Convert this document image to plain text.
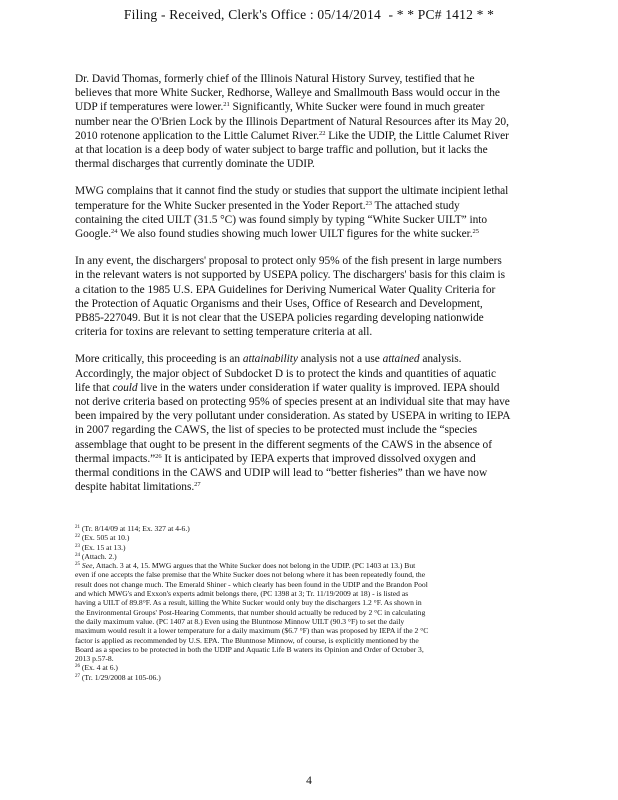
Filing - Received, Clerk's Office : 05/14/2014 - * * PC# 1412 * *

Dr. David Thomas, formerly chief of the Illinois Natural History Survey, testified that he
believes that more White Sucker, Redhorse, Walleye and Smallmouth Bass would occur in the
UDP if temperatures were lower.$^{21}$ Significantly, White Sucker were found in much greater
number near the O'Brien Lock by the Illinois Department of Natural Resources after its May 20,
2010 rotenone application to the Little Calumet River.$^{22}$ Like the UDIP, the Little Calumet River
at that location is a deep body of water subject to barge traffic and pollution, but it lacks the
thermal discharges that currently dominate the UDIP.

MWG complains that it cannot find the study or studies that support the ultimate incipient lethal
temperature for the White Sucker presented in the Yoder Report.$^{23}$ The attached study
containing the cited UILT (31.5 °C) was found simply by typing “White Sucker UILT” into
Google.$^{24}$ We also found studies showing much lower UILT figures for the white sucker.$^{25}$

In any event, the dischargers' proposal to protect only 95% of the fish present in large numbers
in the relevant waters is not supported by USEPA policy. The dischargers' basis for this claim is
a citation to the 1985 U.S. EPA Guidelines for Deriving Numerical Water Quality Criteria for
the Protection of Aquatic Organisms and their Uses, Office of Research and Development,
PB85-227049. But it is not clear that the USEPA policies regarding developing nationwide
criteria for toxins are relevant to setting temperature criteria at all.

More critically, this proceeding is an attainability analysis not a use attained analysis.
Accordingly, the major object of Subdocket D is to protect the kinds and quantities of aquatic
life that could live in the waters under consideration if water quality is improved. IEPA should
not derive criteria based on protecting 95% of species present at an individual site that may have
been impaired by the very pollutant under consideration. As stated by USEPA in writing to IEPA
in 2007 regarding the CAWS, the list of species to be protected must include the “species
assemblage that ought to be present in the different segments of the CAWS in the absence of
thermal impacts.”$^{26}$ It is anticipated by IEPA experts that improved dissolved oxygen and
thermal conditions in the CAWS and UDIP will lead to “better fisheries” than we have now
despite habitat limitations.$^{27}$

$^{21}$ (Tr. 8/14/09 at 114; Ex. 327 at 4-6.)

$^{22}$ (Ex. 505 at 10.)

$^{23}$ (Ex. 15 at 13.)

$^{24}$ (Attach. 2.)

$^{25}$ See, Attach. 3 at 4, 15. MWG argues that the White Sucker does not belong in the UDIP. (PC 1403 at 13.) But
even if one accepts the false premise that the White Sucker does not belong where it has been repeatedly found, the
result does not change much. The Emerald Shiner - which clearly has been found in the UDIP and the Brandon Pool
and which MWG's and Exxon's experts admit belongs there, (PC 1398 at 3; Tr. 11/19/2009 at 18) - is listed as
having a UILT of 89.8°F. As a result, killing the White Sucker would only buy the dischargers 1.2 °F. As shown in
the Environmental Groups' Post-Hearing Comments, that number should actually be reduced by 2 °C in calculating
the daily maximum value. (PC 1407 at 8.) Even using the Bluntnose Minnow UILT (90.3 °F) to set the daily
maximum would result it a lower temperature for a daily maximum ($6.7 °F) than was proposed by IEPA if the 2 °C
factor is applied as recommended by U.S. EPA. The Bluntnose Minnow, of course, is explicitly mentioned by the
Board as a species to be protected in both the UDIP and Aquatic Life B waters its Opinion and Order of October 3,
2013 p.57-8.

$^{26}$ (Ex. 4 at 6.)

$^{27}$ (Tr. 1/29/2008 at 105-06.)

4
